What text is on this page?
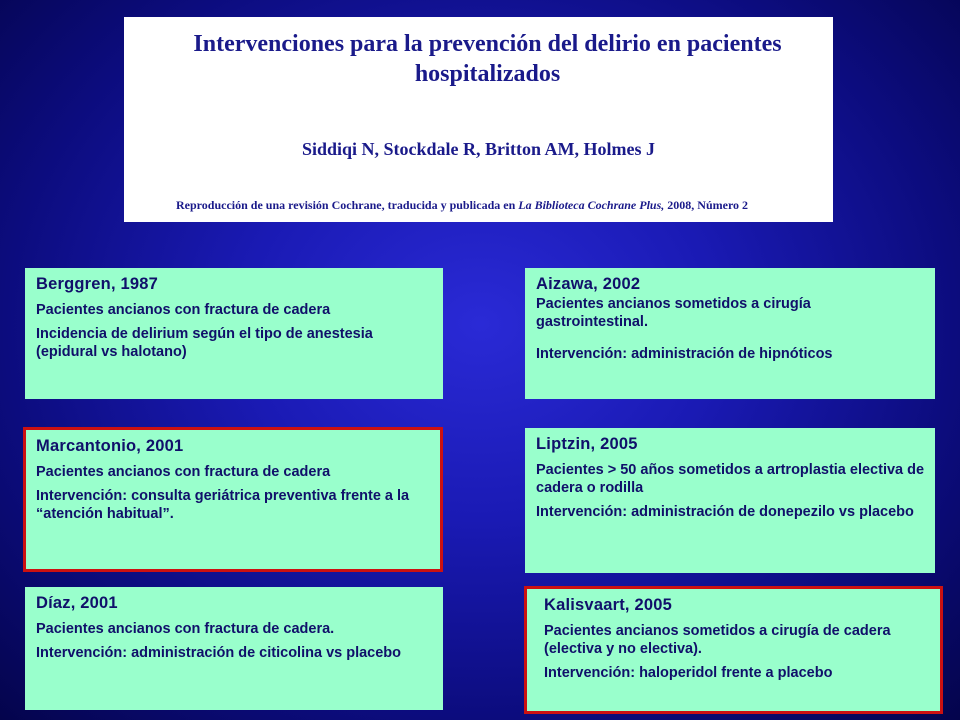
Intervenciones para la prevención del delirio en pacientes
hospitalizados
Siddiqi N, Stockdale R, Britton AM, Holmes J
Reproducción de una revisión Cochrane, traducida y publicada en La Biblioteca Cochrane Plus, 2008, Número 2
Berggren, 1987
Pacientes ancianos con fractura de cadera
Incidencia de delirium según el tipo de anestesia (epidural vs halotano)
Aizawa, 2002
Pacientes ancianos sometidos a cirugía gastrointestinal.
Intervención: administración de hipnóticos
Marcantonio, 2001
Pacientes ancianos con fractura de cadera
Intervención: consulta geriátrica preventiva frente a la “atención habitual”.
Liptzin, 2005
Pacientes > 50 años sometidos a artroplastia electiva de cadera o rodilla
Intervención: administración de donepezilo vs placebo
Díaz, 2001
Pacientes ancianos con fractura de cadera.
Intervención: administración de citicolina vs placebo
Kalisvaart, 2005
Pacientes ancianos sometidos a cirugía de cadera (electiva y no electiva).
Intervención: haloperidol frente a placebo
